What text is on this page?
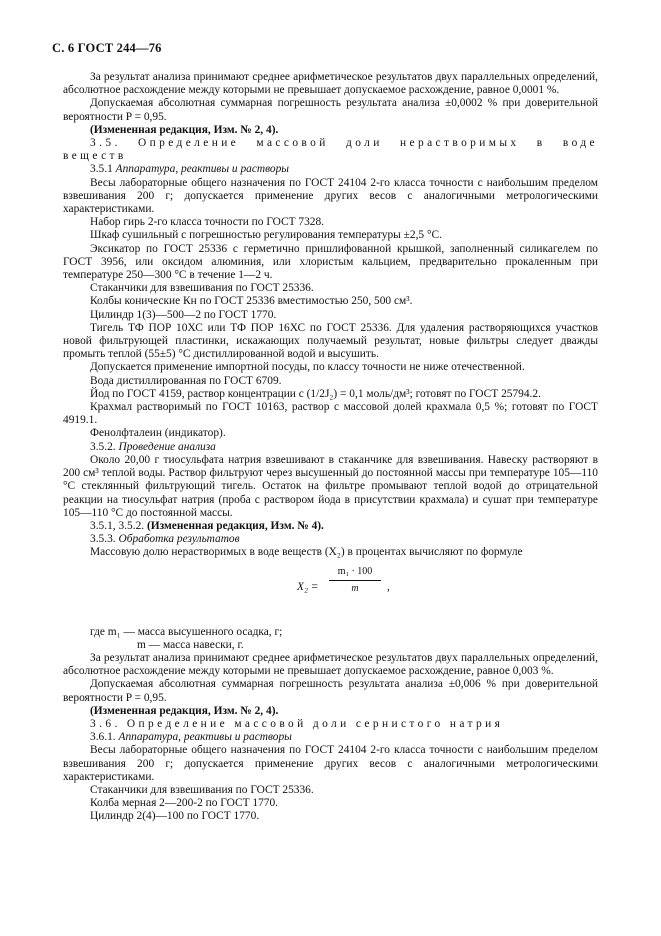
С. 6 ГОСТ 244—76
За результат анализа принимают среднее арифметическое результатов двух параллельных определений, абсолютное расхождение между которыми не превышает допускаемое расхождение, равное 0,0001 %.
Допускаемая абсолютная суммарная погрешность результата анализа ±0,0002 % при доверительной вероятности P = 0,95.
(Измененная редакция, Изм. № 2, 4).
3.5. Определение массовой доли нерастворимых в воде веществ
3.5.1 Аппаратура, реактивы и растворы
Весы лабораторные общего назначения по ГОСТ 24104 2-го класса точности с наибольшим пределом взвешивания 200 г; допускается применение других весов с аналогичными метрологическими характеристиками.
Набор гирь 2-го класса точности по ГОСТ 7328.
Шкаф сушильный с погрешностью регулирования температуры ±2,5 °С.
Эксикатор по ГОСТ 25336 с герметично пришлифованной крышкой, заполненный силикагелем по ГОСТ 3956, или оксидом алюминия, или хлористым кальцием, предварительно прокаленным при температуре 250—300 °С в течение 1—2 ч.
Стаканчики для взвешивания по ГОСТ 25336.
Колбы конические Кн по ГОСТ 25336 вместимостью 250, 500 см³.
Цилиндр 1(3)—500—2 по ГОСТ 1770.
Тигель ТФ ПОР 10ХС или ТФ ПОР 16ХС по ГОСТ 25336. Для удаления растворяющихся участков новой фильтрующей пластинки, искажающих получаемый результат, новые фильтры следует дважды промыть теплой (55±5) °С дистиллированной водой и высушить.
Допускается применение импортной посуды, по классу точности не ниже отечественной.
Вода дистиллированная по ГОСТ 6709.
Йод по ГОСТ 4159, раствор концентрации c (1/2J₂) = 0,1 моль/дм³; готовят по ГОСТ 25794.2.
Крахмал растворимый по ГОСТ 10163, раствор с массовой долей крахмала 0,5 %; готовят по ГОСТ 4919.1.
Фенолфталеин (индикатор).
3.5.2. Проведение анализа
Около 20,00 г тиосульфата натрия взвешивают в стаканчике для взвешивания. Навеску растворяют в 200 см³ теплой воды. Раствор фильтруют через высушенный до постоянной массы при температуре 105—110 °С стеклянный фильтрующий тигель. Остаток на фильтре промывают теплой водой до отрицательной реакции на тиосульфат натрия (проба с раствором йода в присутствии крахмала) и сушат при температуре 105—110 °С до постоянной массы.
3.5.1, 3.5.2. (Измененная редакция, Изм. № 4).
3.5.3. Обработка результатов
Массовую долю нерастворимых в воде веществ (X₂) в процентах вычисляют по формуле
X₂ =
m₁ · 100
m	,
где m₁ — масса высушенного осадка, г;
m — масса навески, г.
За результат анализа принимают среднее арифметическое результатов двух параллельных определений, абсолютное расхождение между которыми не превышает допускаемое расхождение, равное 0,003 %.
Допускаемая абсолютная суммарная погрешность результата анализа ±0,006 % при доверительной вероятности P = 0,95.
(Измененная редакция, Изм. № 2, 4).
3.6. Определение массовой доли сернистого натрия
3.6.1. Аппаратура, реактивы и растворы
Весы лабораторные общего назначения по ГОСТ 24104 2-го класса точности с наибольшим пределом взвешивания 200 г; допускается применение других весов с аналогичными метрологическими характеристиками.
Стаканчики для взвешивания по ГОСТ 25336.
Колба мерная 2—200-2 по ГОСТ 1770.
Цилиндр 2(4)—100 по ГОСТ 1770.
